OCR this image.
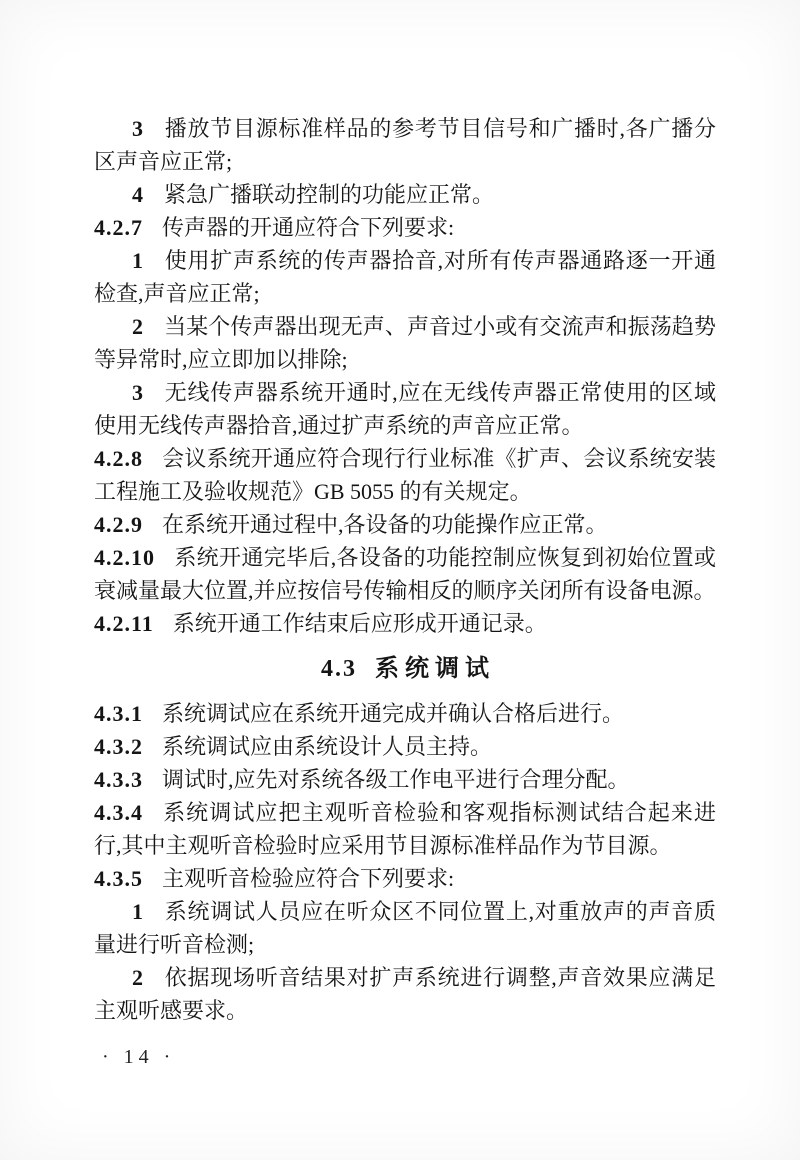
3 播放节目源标准样品的参考节目信号和广播时,各广播分区声音应正常;

4 紧急广播联动控制的功能应正常。

4.2.7 传声器的开通应符合下列要求:

1 使用扩声系统的传声器拾音,对所有传声器通路逐一开通检查,声音应正常;

2 当某个传声器出现无声、声音过小或有交流声和振荡趋势等异常时,应立即加以排除;

3 无线传声器系统开通时,应在无线传声器正常使用的区域使用无线传声器拾音,通过扩声系统的声音应正常。

4.2.8 会议系统开通应符合现行行业标准《扩声、会议系统安装工程施工及验收规范》GB 5055 的有关规定。

4.2.9 在系统开通过程中,各设备的功能操作应正常。

4.2.10 系统开通完毕后,各设备的功能控制应恢复到初始位置或衰减量最大位置,并应按信号传输相反的顺序关闭所有设备电源。

4.2.11 系统开通工作结束后应形成开通记录。

4.3 系 统 调 试

4.3.1 系统调试应在系统开通完成并确认合格后进行。

4.3.2 系统调试应由系统设计人员主持。

4.3.3 调试时,应先对系统各级工作电平进行合理分配。

4.3.4 系统调试应把主观听音检验和客观指标测试结合起来进行,其中主观听音检验时应采用节目源标准样品作为节目源。

4.3.5 主观听音检验应符合下列要求:

1 系统调试人员应在听众区不同位置上,对重放声的声音质量进行听音检测;

2 依据现场听音结果对扩声系统进行调整,声音效果应满足主观听感要求。

· 14 ·
